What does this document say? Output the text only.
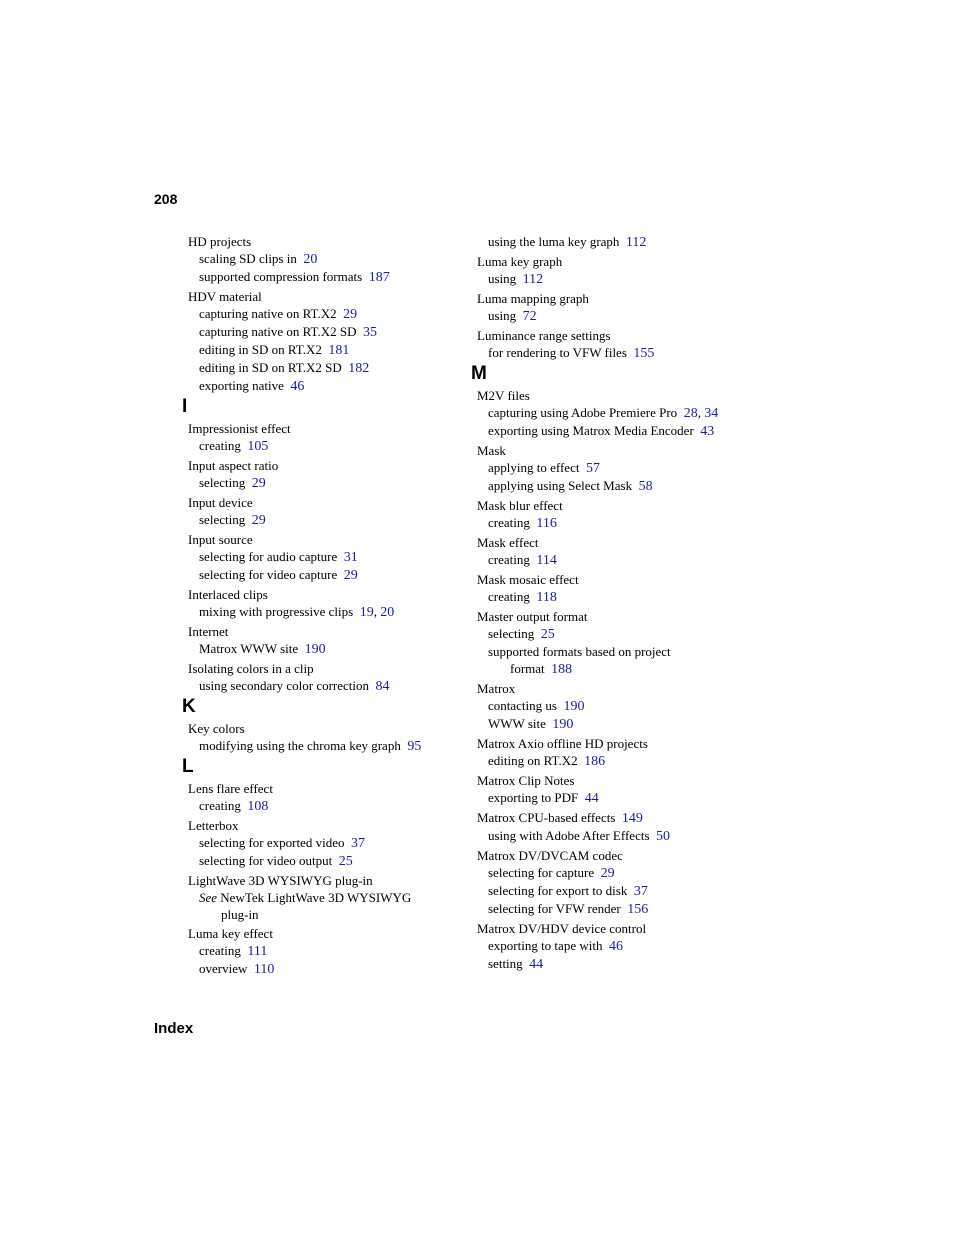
208
HD projects
scaling SD clips in 20
supported compression formats 187
HDV material
capturing native on RT.X2 29
capturing native on RT.X2 SD 35
editing in SD on RT.X2 181
editing in SD on RT.X2 SD 182
exporting native 46
I
Impressionist effect
creating 105
Input aspect ratio
selecting 29
Input device
selecting 29
Input source
selecting for audio capture 31
selecting for video capture 29
Interlaced clips
mixing with progressive clips 19, 20
Internet
Matrox WWW site 190
Isolating colors in a clip
using secondary color correction 84
K
Key colors
modifying using the chroma key graph 95
L
Lens flare effect
creating 108
Letterbox
selecting for exported video 37
selecting for video output 25
LightWave 3D WYSIWYG plug-in
See NewTek LightWave 3D WYSIWYG
plug-in
Luma key effect
creating 111
overview 110
using the luma key graph 112
Luma key graph
using 112
Luma mapping graph
using 72
Luminance range settings
for rendering to VFW files 155
M
M2V files
capturing using Adobe Premiere Pro 28, 34
exporting using Matrox Media Encoder 43
Mask
applying to effect 57
applying using Select Mask 58
Mask blur effect
creating 116
Mask effect
creating 114
Mask mosaic effect
creating 118
Master output format
selecting 25
supported formats based on project
format 188
Matrox
contacting us 190
WWW site 190
Matrox Axio offline HD projects
editing on RT.X2 186
Matrox Clip Notes
exporting to PDF 44
Matrox CPU-based effects 149
using with Adobe After Effects 50
Matrox DV/DVCAM codec
selecting for capture 29
selecting for export to disk 37
selecting for VFW render 156
Matrox DV/HDV device control
exporting to tape with 46
setting 44
Index
